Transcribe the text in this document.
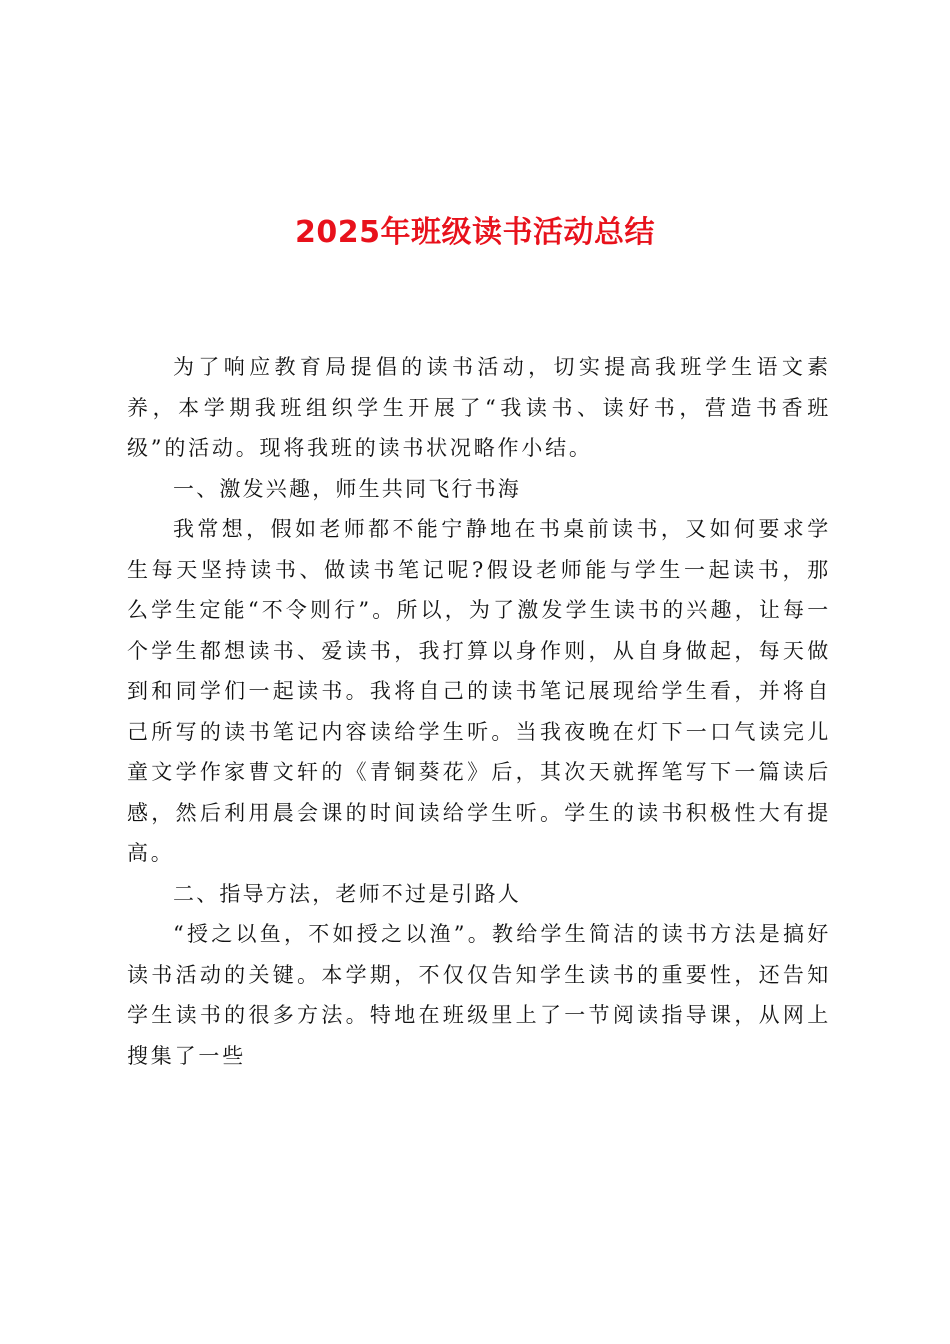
2025年班级读书活动总结

为了响应教育局提倡的读书活动，切实提高我班学生语文素养，本学期我班组织学生开展了“我读书、读好书，营造书香班级”的活动。现将我班的读书状况略作小结。

一、激发兴趣，师生共同飞行书海

我常想，假如老师都不能宁静地在书桌前读书，又如何要求学生每天坚持读书、做读书笔记呢?假设老师能与学生一起读书，那么学生定能“不令则行”。所以，为了激发学生读书的兴趣，让每一个学生都想读书、爱读书，我打算以身作则，从自身做起，每天做到和同学们一起读书。我将自己的读书笔记展现给学生看，并将自己所写的读书笔记内容读给学生听。当我夜晚在灯下一口气读完儿童文学作家曹文轩的《青铜葵花》后，其次天就挥笔写下一篇读后感，然后利用晨会课的时间读给学生听。学生的读书积极性大有提高。

二、指导方法，老师不过是引路人

“授之以鱼，不如授之以渔”。教给学生简洁的读书方法是搞好读书活动的关键。本学期，不仅仅告知学生读书的重要性，还告知学生读书的很多方法。特地在班级里上了一节阅读指导课，从网上搜集了一些
